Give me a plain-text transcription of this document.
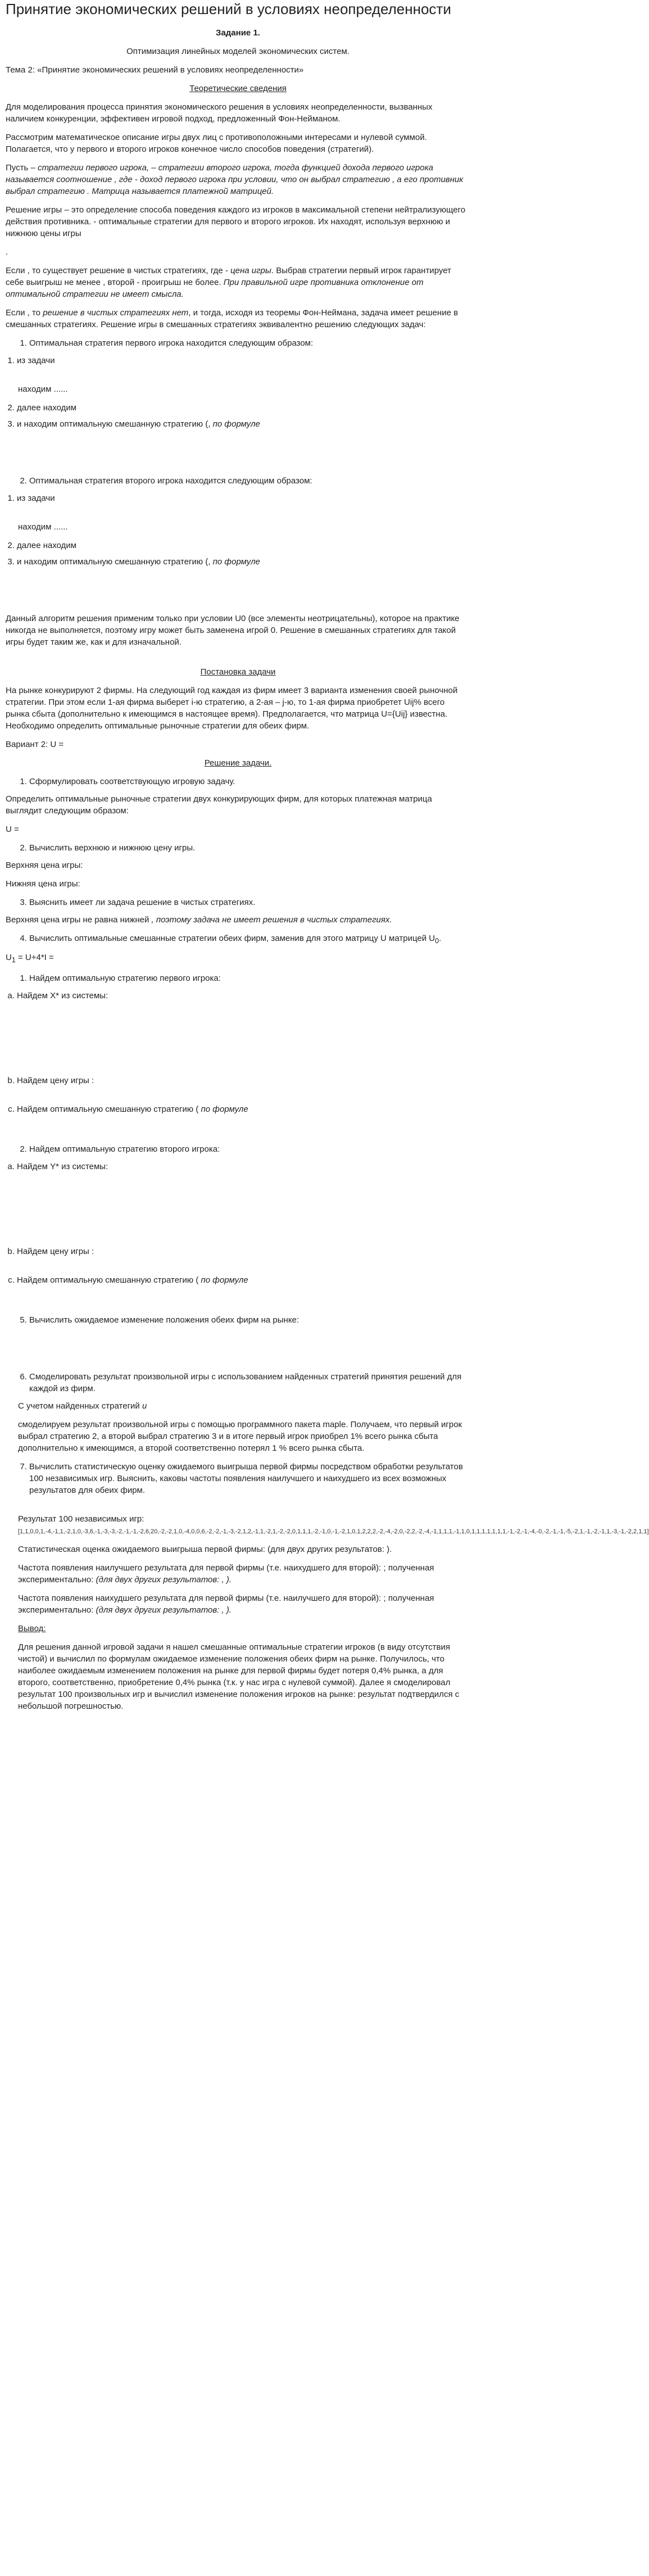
Принятие экономических решений в условиях неопределенности

Задание 1.

Оптимизация линейных моделей экономических систем.

Тема 2: «Принятие экономических решений в условиях неопределенности»

Теоретические сведения

Для моделирования процесса принятия экономического решения в условиях неопределенности, вызванных наличием конкуренции, эффективен игровой подход, предложенный Фон-Нейманом.

Рассмотрим математическое описание игры двух лиц с противоположными интересами и нулевой суммой. Полагается, что у первого и второго игроков конечное число способов поведения (стратегий).

Пусть – стратегии первого игрока, – стратегии второго игрока, тогда функцией дохода первого игрока называется соотношение , где - доход первого игрока при условии, что он выбрал стратегию , а его противник выбрал стратегию . Матрица называется платежной матрицей.

Решение игры – это определение способа поведения каждого из игроков в максимальной степени нейтрализующего действия противника. - оптимальные стратегии для первого и второго игроков. Их находят, используя верхнюю и нижнюю цены игры

.

Если , то существует решение в чистых стратегиях, где - цена игры. Выбрав стратегии первый игрок гарантирует себе выигрыш не менее , второй - проигрыш не более. При правильной игре противника отклонение от оптимальной стратегии не имеет смысла.

Если , то решение в чистых стратегиях нет, и тогда, исходя из теоремы Фон-Неймана, задача имеет решение в смешанных стратегиях. Решение игры в смешанных стратегиях эквивалентно решению следующих задач:

1. Оптимальная стратегия первого игрока находится следующим образом:
1. из задачи

находим ......

2. далее находим
3. и находим оптимальную смешанную стратегию (, по формуле
2. Оптимальная стратегия второго игрока находится следующим образом:
1. из задачи

находим ......

2. далее находим
3. и находим оптимальную смешанную стратегию (, по формуле

Данный алгоритм решения применим только при условии U0 (все элементы неотрицательны), которое на практике никогда не выполняется, поэтому игру может быть заменена игрой 0. Решение в смешанных стратегиях для такой игры будет таким же, как и для изначальной.

Постановка задачи

На рынке конкурируют 2 фирмы. На следующий год каждая из фирм имеет 3 варианта изменения своей рыночной стратегии. При этом если 1-ая фирма выберет i-ю стратегию, а 2-ая – j-ю, то 1-ая фирма приобретет Uij% всего рынка сбыта (дополнительно к имеющимся в настоящее время). Предполагается, что матрица U={Uij} известна. Необходимо определить оптимальные рыночные стратегии для обеих фирм.

Вариант 2: U =

Решение задачи.

1. Сформулировать соответствующую игровую задачу.

Определить оптимальные рыночные стратегии двух конкурирующих фирм, для которых платежная матрица выглядит следующим образом:

U =

2. Вычислить верхнюю и нижнюю цену игры.

Верхняя цена игры:

Нижняя цена игры:

3. Выяснить имеет ли задача решение в чистых стратегиях.

Верхняя цена игры не равна нижней , поэтому задача не имеет решения в чистых стратегиях.

4. Вычислить оптимальные смешанные стратегии обеих фирм, заменив для этого матрицу U матрицей $U_0$.

$U_1 = U+4*I$ =

1. Найдем оптимальную стратегию первого игрока:
a. Найдем X* из системы:
b. Найдем цену игры :
c. Найдем оптимальную смешанную стратегию ( по формуле
2. Найдем оптимальную стратегию второго игрока:
a. Найдем Y* из системы:
b. Найдем цену игры :
c. Найдем оптимальную смешанную стратегию ( по формуле
5. Вычислить ожидаемое изменение положения обеих фирм на рынке:
6. Смоделировать результат произвольной игры с использованием найденных стратегий принятия решений для каждой из фирм.

С учетом найденных стратегий и

смоделируем результат произвольной игры с помощью программного пакета maple. Получаем, что первый игрок выбрал стратегию 2, а второй выбрал стратегию 3 и в итоге первый игрок приобрел 1% всего рынка сбыта дополнительно к имеющимся, а второй соответственно потерял 1 % всего рынка сбыта.

7. Вычислить статистическую оценку ожидаемого выигрыша первой фирмы посредством обработки результатов 100 независимых игр. Выяснить, каковы частоты появления наилучшего и наихудшего из всех возможных результатов для обеих фирм.

Результат 100 независимых игр: [1,1,0,0,1,-4,-1,1,-2,1,0,-3,6,-1,-3,-3,-2,-1,-1,-2,6,20,-2,-2,1,0,-4,0,0,6,-2,-2,-1,-3,-2,1,2,-1,1,-2,1,-2,-2,0,1,1,1,-2,-1,0,-1,-2,1,0,1,2,2,2,-2,-4,-2,0,-2,2,-2,-4,-1,1,1,1,-1,1,0,1,1,1,1,1,1,1,-1,-2,-1,-4,-0,-2,-1,-1,-5,-2,1,-1,-2,-1,1,-3,-1,-2,2,1,1]

Статистическая оценка ожидаемого выигрыша первой фирмы: (для двух других результатов: ).

Частота появления наилучшего результата для первой фирмы (т.е. наихудшего для второй): ; полученная экспериментально: (для двух других результатов: , ).

Частота появления наихудшего результата для первой фирмы (т.е. наилучшего для второй): ; полученная экспериментально: (для двух других результатов: , ).

Вывод:

Для решения данной игровой задачи я нашел смешанные оптимальные стратегии игроков (в виду отсутствия чистой) и вычислил по формулам ожидаемое изменение положения обеих фирм на рынке. Получилось, что наиболее ожидаемым изменением положения на рынке для первой фирмы будет потеря 0,4% рынка, а для второго, соответственно, приобретение 0,4% рынка (т.к. у нас игра с нулевой суммой). Далее я смоделировал результат 100 произвольных игр и вычислил изменение положения игроков на рынке: результат подтвердился с небольшой погрешностью.
